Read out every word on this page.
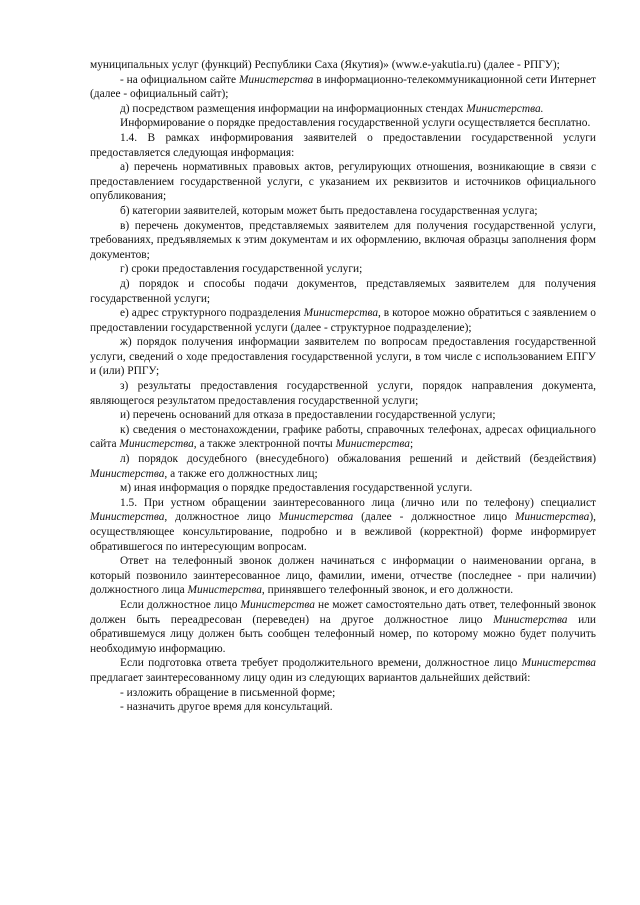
муниципальных услуг (функций) Республики Саха (Якутия)» (www.e-yakutia.ru) (далее - РПГУ);

- на официальном сайте Министерства в информационно-телекоммуникационной сети Интернет (далее - официальный сайт);

д) посредством размещения информации на информационных стендах Министерства.

Информирование о порядке предоставления государственной услуги осуществляется бесплатно.

1.4. В рамках информирования заявителей о предоставлении государственной услуги предоставляется следующая информация:

а) перечень нормативных правовых актов, регулирующих отношения, возникающие в связи с предоставлением государственной услуги, с указанием их реквизитов и источников официального опубликования;

б) категории заявителей, которым может быть предоставлена государственная услуга;

в) перечень документов, представляемых заявителем для получения государственной услуги, требованиях, предъявляемых к этим документам и их оформлению, включая образцы заполнения форм документов;

г) сроки предоставления государственной услуги;

д) порядок и способы подачи документов, представляемых заявителем для получения государственной услуги;

е) адрес структурного подразделения Министерства, в которое можно обратиться с заявлением о предоставлении государственной услуги (далее - структурное подразделение);

ж) порядок получения информации заявителем по вопросам предоставления государственной услуги, сведений о ходе предоставления государственной услуги, в том числе с использованием ЕПГУ и (или) РПГУ;

з) результаты предоставления государственной услуги, порядок направления документа, являющегося результатом предоставления государственной услуги;

и) перечень оснований для отказа в предоставлении государственной услуги;

к) сведения о местонахождении, графике работы, справочных телефонах, адресах официального сайта Министерства, а также электронной почты Министерства;

л) порядок досудебного (внесудебного) обжалования решений и действий (бездействия) Министерства, а также его должностных лиц;

м) иная информация о порядке предоставления государственной услуги.

1.5. При устном обращении заинтересованного лица (лично или по телефону) специалист Министерства, должностное лицо Министерства (далее - должностное лицо Министерства), осуществляющее консультирование, подробно и в вежливой (корректной) форме информирует обратившегося по интересующим вопросам.

Ответ на телефонный звонок должен начинаться с информации о наименовании органа, в который позвонило заинтересованное лицо, фамилии, имени, отчестве (последнее - при наличии) должностного лица Министерства, принявшего телефонный звонок, и его должности.

Если должностное лицо Министерства не может самостоятельно дать ответ, телефонный звонок должен быть переадресован (переведен) на другое должностное лицо Министерства или обратившемуся лицу должен быть сообщен телефонный номер, по которому можно будет получить необходимую информацию.

Если подготовка ответа требует продолжительного времени, должностное лицо Министерства предлагает заинтересованному лицу один из следующих вариантов дальнейших действий:

- изложить обращение в письменной форме;

- назначить другое время для консультаций.
